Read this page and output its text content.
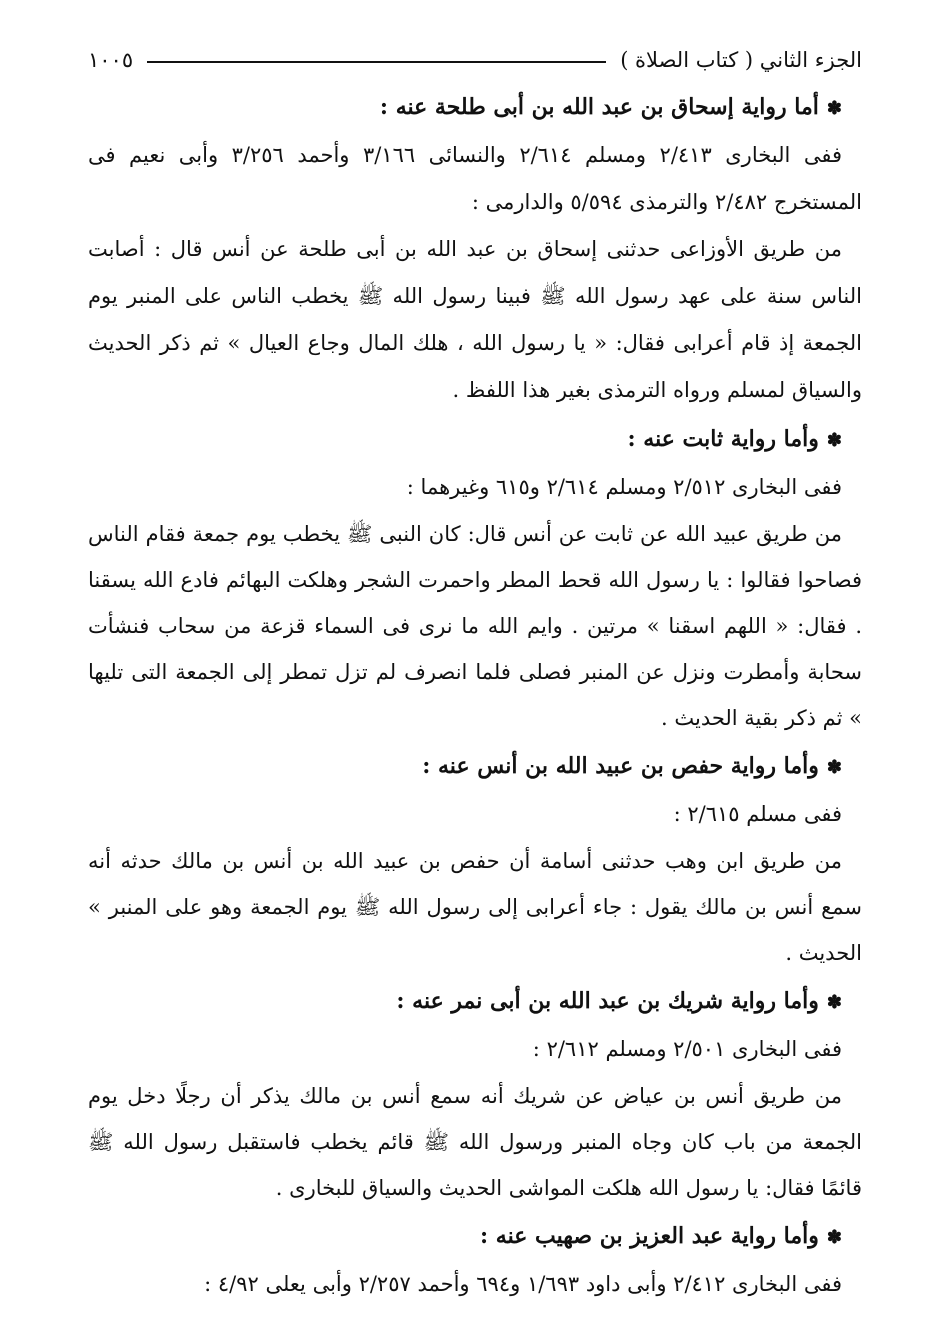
الجزء الثاني ( كتاب الصلاة )
١٠٠٥
✽أما رواية إسحاق بن عبد الله بن أبى طلحة عنه :

ففى البخارى ٢/٤١٣ ومسلم ٢/٦١٤ والنسائى ٣/١٦٦ وأحمد ٣/٢٥٦ وأبى نعيم فى المستخرج ٢/٤٨٢ والترمذى ٥/٥٩٤ والدارمى :

من طريق الأوزاعى حدثنى إسحاق بن عبد الله بن أبى طلحة عن أنس قال : أصابت الناس سنة على عهد رسول الله ﷺ فبينا رسول الله ﷺ يخطب الناس على المنبر يوم الجمعة إذ قام أعرابى فقال: « يا رسول الله ، هلك المال وجاع العيال » ثم ذكر الحديث والسياق لمسلم ورواه الترمذى بغير هذا اللفظ .

✽وأما رواية ثابت عنه :

ففى البخارى ٢/٥١٢ ومسلم ٢/٦١٤ و٦١٥ وغيرهما :

من طريق عبيد الله عن ثابت عن أنس قال: كان النبى ﷺ يخطب يوم جمعة فقام الناس فصاحوا فقالوا : يا رسول الله قحط المطر واحمرت الشجر وهلكت البهائم فادع الله يسقنا . فقال: « اللهم اسقنا » مرتين . وايم الله ما نرى فى السماء قزعة من سحاب فنشأت سحابة وأمطرت ونزل عن المنبر فصلى فلما انصرف لم تزل تمطر إلى الجمعة التى تليها » ثم ذكر بقية الحديث .

✽وأما رواية حفص بن عبيد الله بن أنس عنه :

ففى مسلم ٢/٦١٥ :

من طريق ابن وهب حدثنى أسامة أن حفص بن عبيد الله بن أنس بن مالك حدثه أنه سمع أنس بن مالك يقول : جاء أعرابى إلى رسول الله ﷺ يوم الجمعة وهو على المنبر » الحديث .

✽وأما رواية شريك بن عبد الله بن أبى نمر عنه :

ففى البخارى ٢/٥٠١ ومسلم ٢/٦١٢ :

من طريق أنس بن عياض عن شريك أنه سمع أنس بن مالك يذكر أن رجلًا دخل يوم الجمعة من باب كان وجاه المنبر ورسول الله ﷺ قائم يخطب فاستقبل رسول الله ﷺ قائمًا فقال: يا رسول الله هلكت المواشى الحديث والسياق للبخارى .

✽وأما رواية عبد العزيز بن صهيب عنه :

ففى البخارى ٢/٤١٢ وأبى داود ١/٦٩٣ و٦٩٤ وأحمد ٢/٢٥٧ وأبى يعلى ٤/٩٢ :
